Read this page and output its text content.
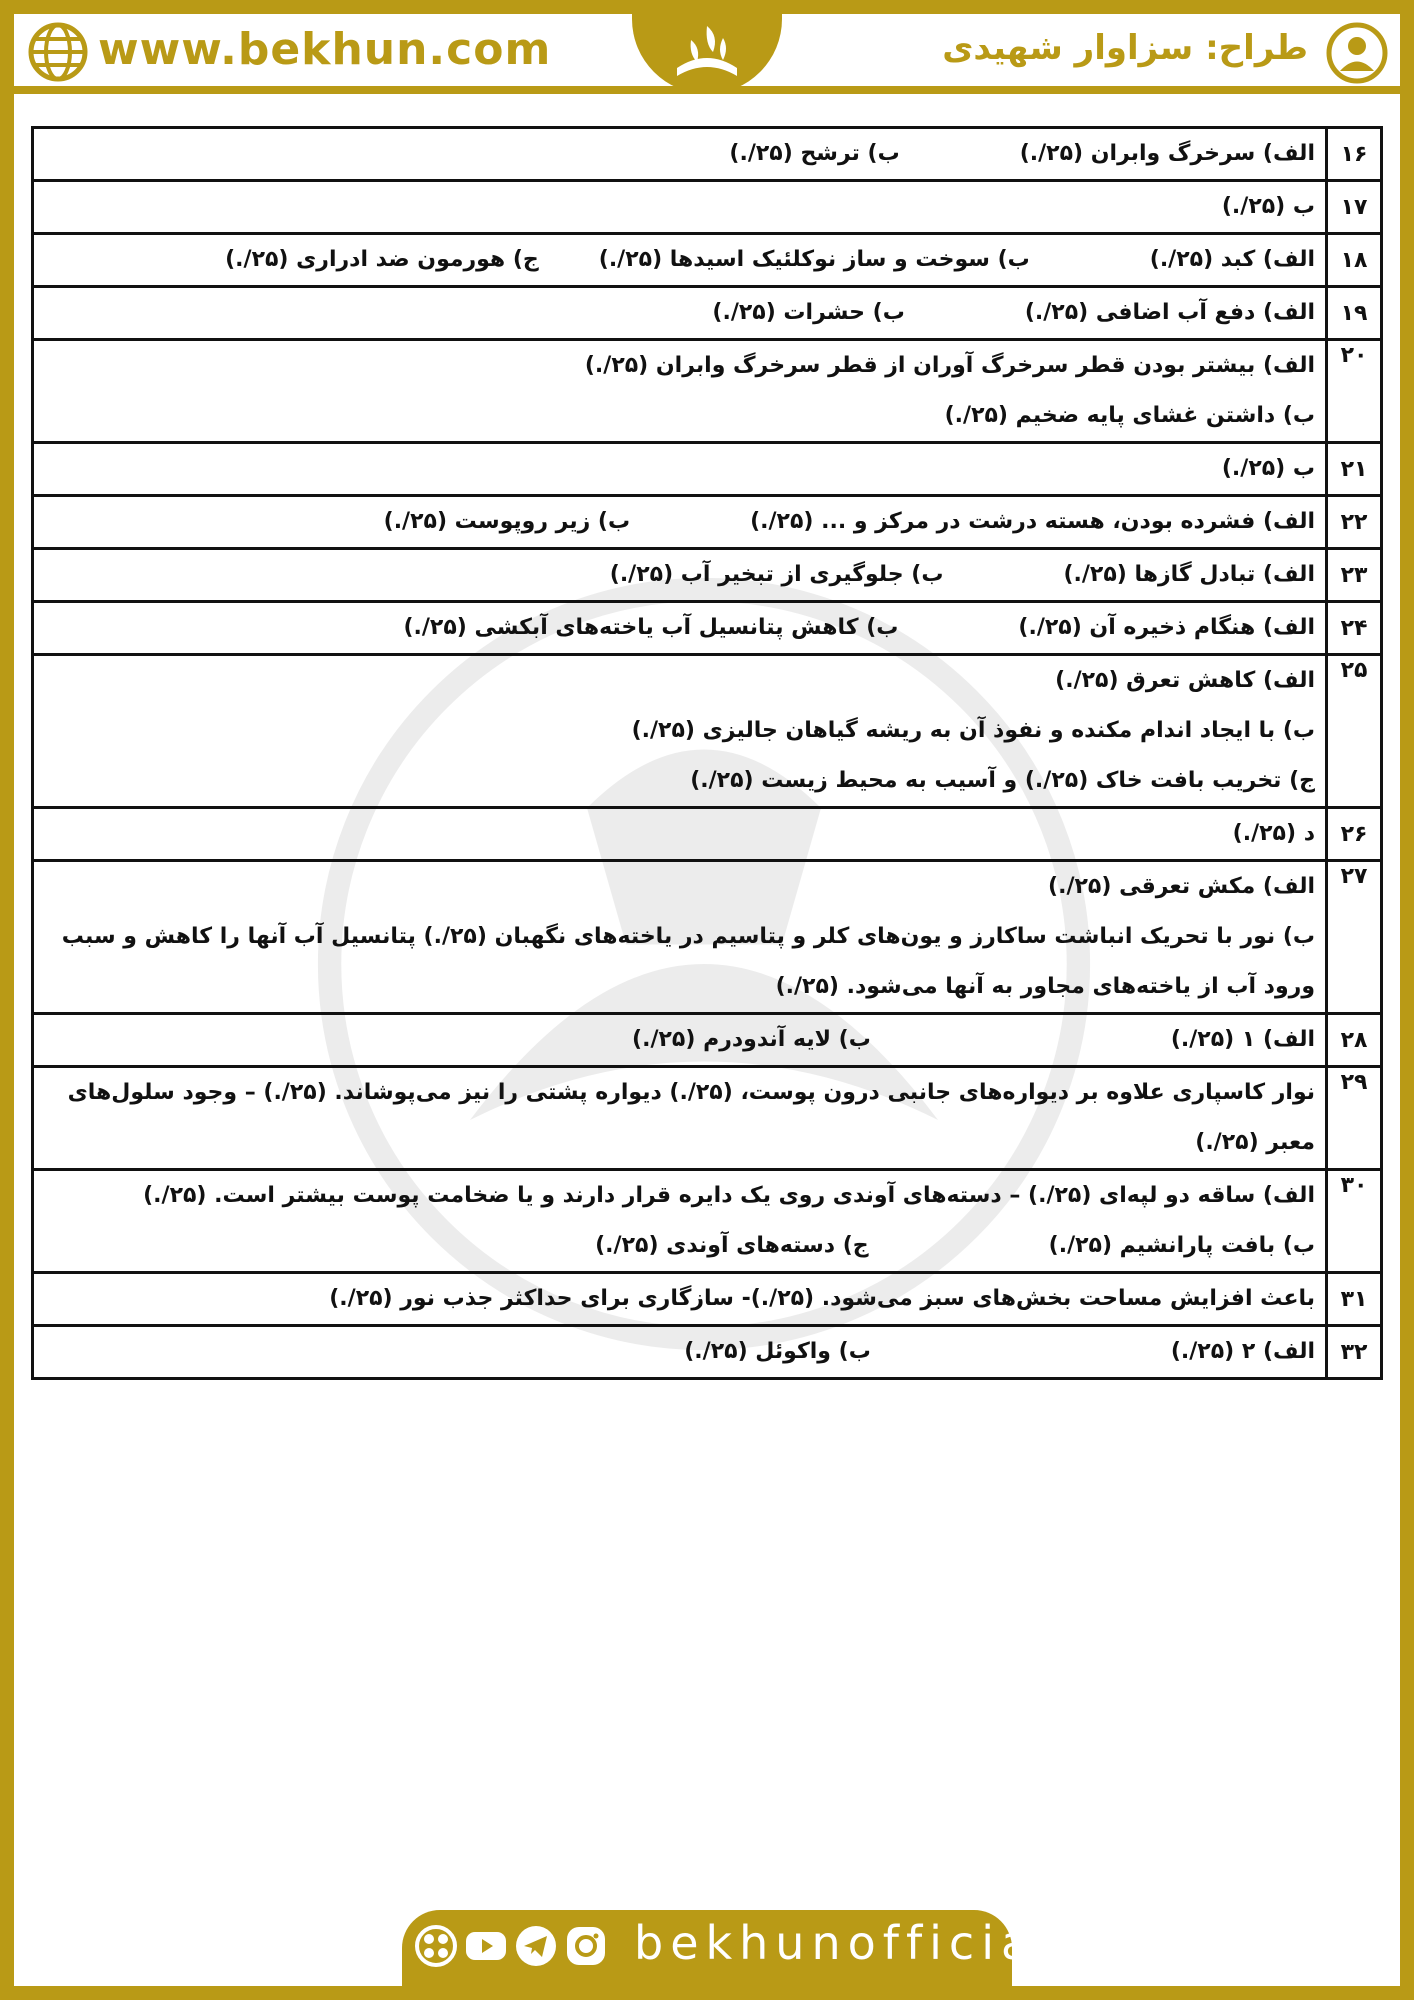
www.bekhun.com	طراح: سزاوار شهیدی
۱۶	الف) سرخرگ وابران (۲۵/.)ب) ترشح (۲۵/.)

۱۷	ب (۲۵/.)

۱۸	الف) کبد (۲۵/.)ب) سوخت و ساز نوکلئیک اسیدها (۲۵/.)ج) هورمون ضد ادراری (۲۵/.)

۱۹	الف) دفع آب اضافی (۲۵/.)ب) حشرات (۲۵/.)

۲۰	الف) بیشتر بودن قطر سرخرگ آوران از قطر سرخرگ وابران (۲۵/.)
ب) داشتن غشای پایه ضخیم (۲۵/.)

۲۱	ب (۲۵/.)

۲۲	الف) فشرده بودن، هسته درشت در مرکز و ... (۲۵/.)ب) زیر روپوست (۲۵/.)

۲۳	الف) تبادل گازها (۲۵/.)ب) جلوگیری از تبخیر آب (۲۵/.)

۲۴	الف) هنگام ذخیره آن (۲۵/.)ب) کاهش پتانسیل آب یاخته‌های آبکشی (۲۵/.)

۲۵	الف) کاهش تعرق (۲۵/.)
ب) با ایجاد اندام مکنده و نفوذ آن به ریشه گیاهان جالیزی (۲۵/.)
ج) تخریب بافت خاک (۲۵/.) و آسیب به محیط زیست (۲۵/.)

۲۶	د (۲۵/.)

۲۷	الف) مکش تعرقی (۲۵/.)
ب) نور با تحریک انباشت ساکارز و یون‌های کلر و پتاسیم در یاخته‌های نگهبان (۲۵/.) پتانسیل آب آنها را کاهش و سبب ورود آب از یاخته‌های مجاور به آنها می‌شود. (۲۵/.)

۲۸	الف) ۱ (۲۵/.)ب) لایه آندودرم (۲۵/.)

۲۹	نوار کاسپاری علاوه بر دیواره‌های جانبی درون پوست، (۲۵/.) دیواره پشتی را نیز می‌پوشاند. (۲۵/.) – وجود سلول‌های معبر (۲۵/.)

۳۰	الف) ساقه دو لپه‌ای (۲۵/.) – دسته‌های آوندی روی یک دایره قرار دارند و یا ضخامت پوست بیشتر است. (۲۵/.)
ب) بافت پارانشیم (۲۵/.)ج) دسته‌های آوندی (۲۵/.)

۳۱	باعث افزایش مساحت بخش‌های سبز می‌شود. (۲۵/.)- سازگاری برای حداکثر جذب نور (۲۵/.)

۳۲	الف) ۲ (۲۵/.)ب) واکوئل (۲۵/.)
bekhunofficial
